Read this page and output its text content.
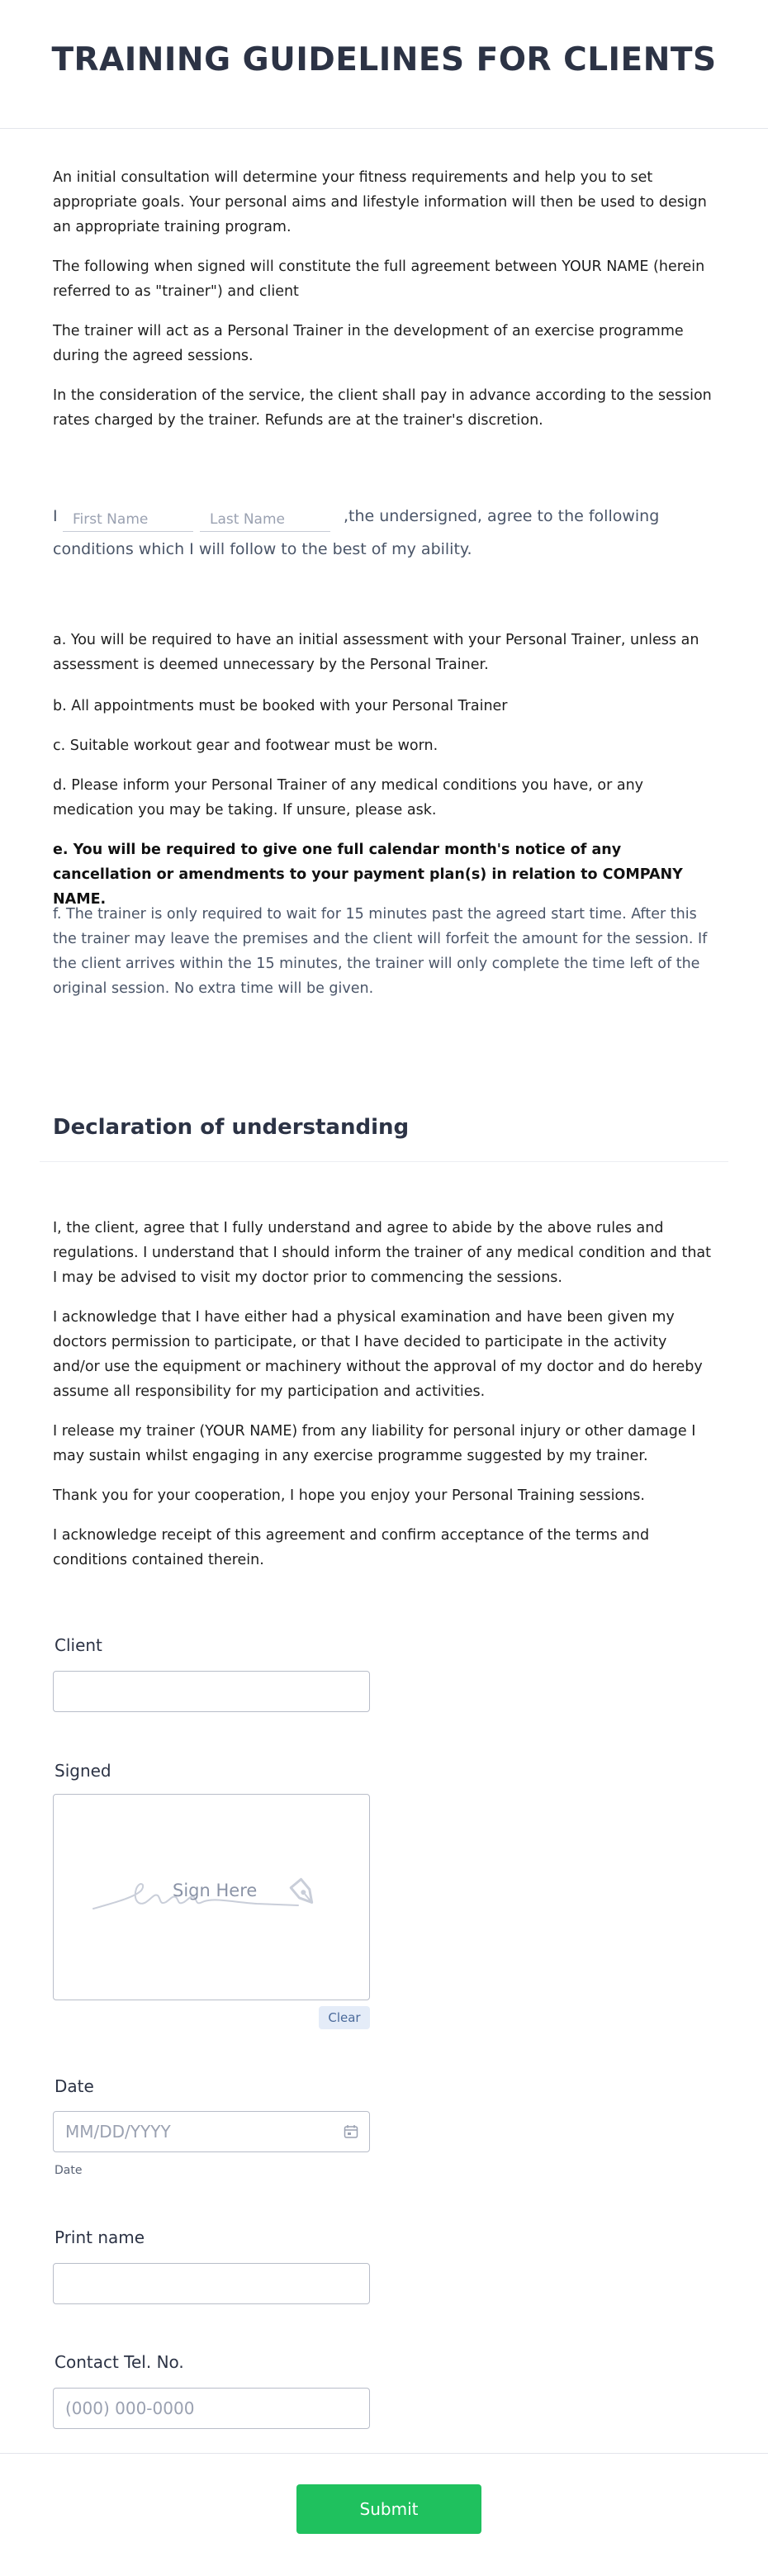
TRAINING GUIDELINES FOR CLIENTS

An initial consultation will determine your fitness requirements and help you to set appropriate goals. Your personal aims and lifestyle information will then be used to design an appropriate training program.

The following when signed will constitute the full agreement between YOUR NAME (herein referred to as "trainer") and client

The trainer will act as a Personal Trainer in the development of an exercise programme during the agreed sessions.

In the consideration of the service, the client shall pay in advance according to the session rates charged by the trainer. Refunds are at the trainer's discretion.

I
First Name
Last Name	,the undersigned, agree to the following
conditions which I will follow to the best of my ability.

a. You will be required to have an initial assessment with your Personal Trainer, unless an assessment is deemed unnecessary by the Personal Trainer.

b. All appointments must be booked with your Personal Trainer

c. Suitable workout gear and footwear must be worn.

d. Please inform your Personal Trainer of any medical conditions you have, or any medication you may be taking. If unsure, please ask.

e. You will be required to give one full calendar month's notice of any cancellation or amendments to your payment plan(s) in relation to COMPANY NAME.

f. The trainer is only required to wait for 15 minutes past the agreed start time. After this the trainer may leave the premises and the client will forfeit the amount for the session. If the client arrives within the 15 minutes, the trainer will only complete the time left of the original session. No extra time will be given.

Declaration of understanding

I, the client, agree that I fully understand and agree to abide by the above rules and regulations. I understand that I should inform the trainer of any medical condition and that I may be advised to visit my doctor prior to commencing the sessions.

I acknowledge that I have either had a physical examination and have been given my doctors permission to participate, or that I have decided to participate in the activity and/or use the equipment or machinery without the approval of my doctor and do hereby assume all responsibility for my participation and activities.

I release my trainer (YOUR NAME) from any liability for personal injury or other damage I may sustain whilst engaging in any exercise programme suggested by my trainer.

Thank you for your cooperation, I hope you enjoy your Personal Training sessions.

I acknowledge receipt of this agreement and confirm acceptance of the terms and conditions contained therein.

Client
Signed
Sign Here
Clear
Date
MM/DD/YYYY
Date
Print name
Contact Tel. No.
(000) 000-0000
Submit
